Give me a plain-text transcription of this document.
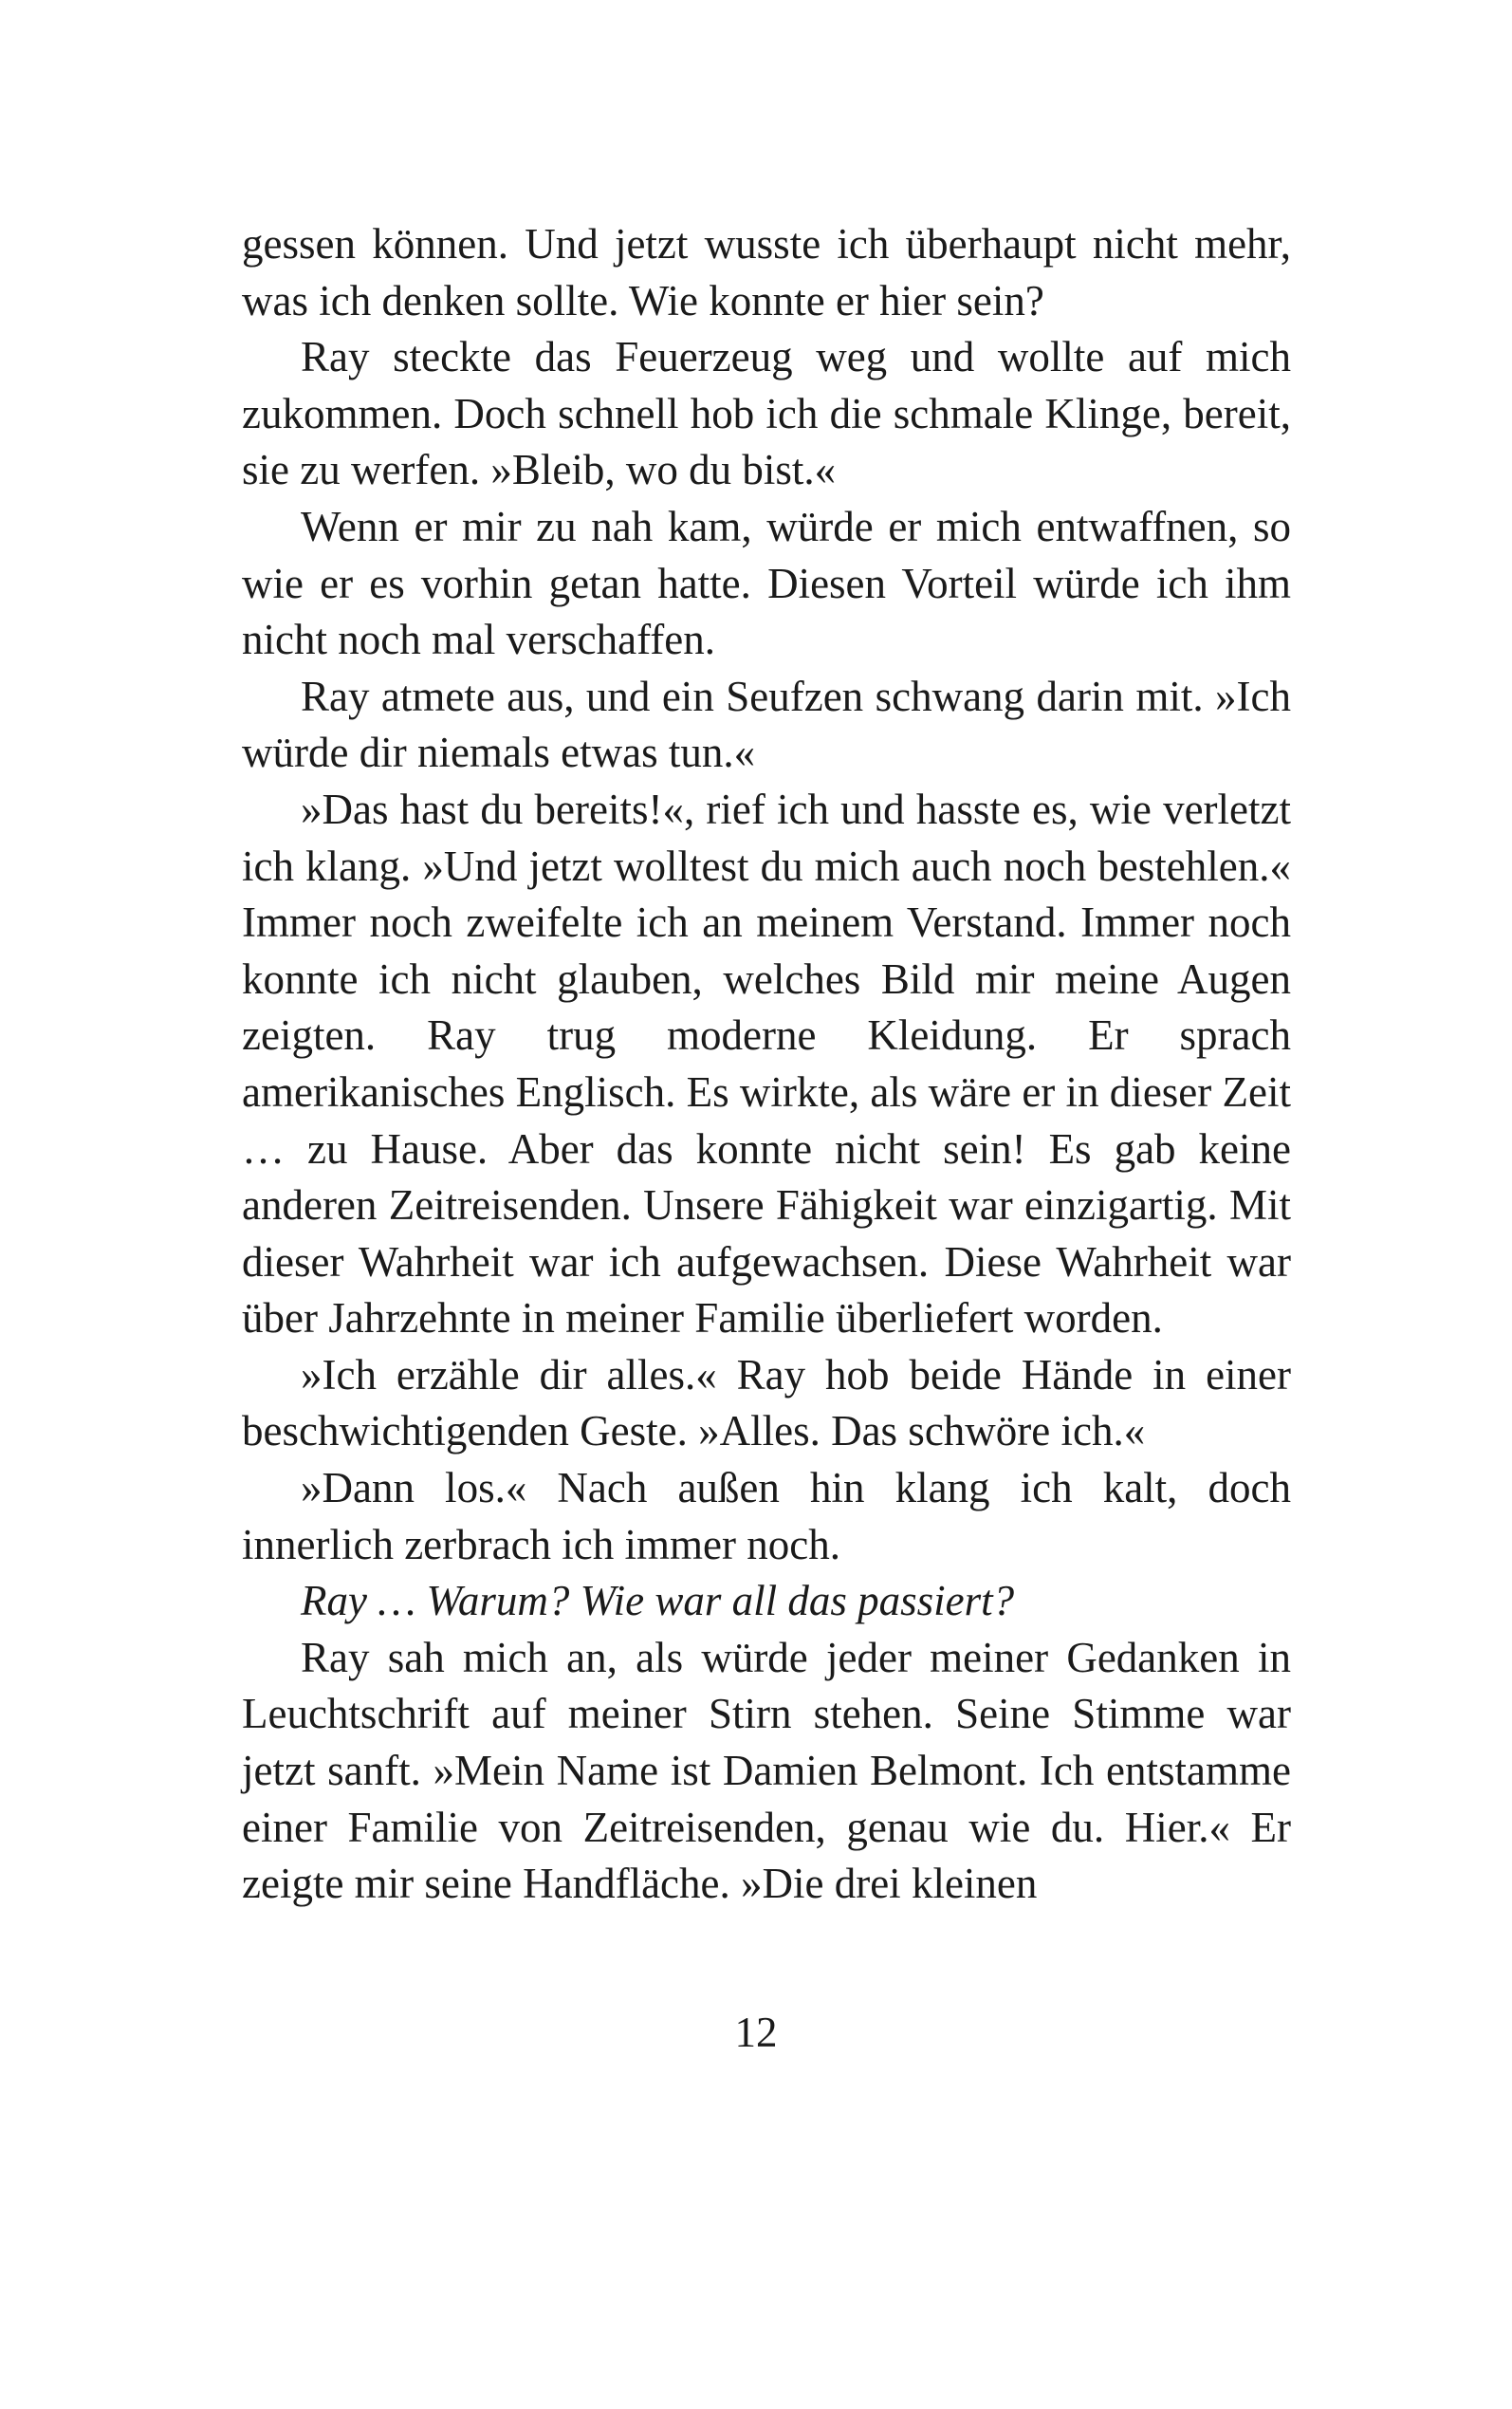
gessen können. Und jetzt wusste ich überhaupt nicht mehr, was ich denken sollte. Wie konnte er hier sein?

Ray steckte das Feuerzeug weg und wollte auf mich zukommen. Doch schnell hob ich die schmale Klinge, bereit, sie zu werfen. »Bleib, wo du bist.«

Wenn er mir zu nah kam, würde er mich entwaffnen, so wie er es vorhin getan hatte. Diesen Vorteil würde ich ihm nicht noch mal verschaffen.

Ray atmete aus, und ein Seufzen schwang darin mit. »Ich würde dir niemals etwas tun.«

»Das hast du bereits!«, rief ich und hasste es, wie verletzt ich klang. »Und jetzt wolltest du mich auch noch bestehlen.« Immer noch zweifelte ich an meinem Verstand. Immer noch konnte ich nicht glauben, welches Bild mir meine Augen zeigten. Ray trug moderne Kleidung. Er sprach amerikanisches Englisch. Es wirkte, als wäre er in dieser Zeit … zu Hause. Aber das konnte nicht sein! Es gab keine anderen Zeitreisenden. Unsere Fähigkeit war einzigartig. Mit dieser Wahrheit war ich aufgewachsen. Diese Wahrheit war über Jahrzehnte in meiner Familie überliefert worden.

»Ich erzähle dir alles.« Ray hob beide Hände in einer beschwichtigenden Geste. »Alles. Das schwöre ich.«

»Dann los.« Nach außen hin klang ich kalt, doch innerlich zerbrach ich immer noch.

Ray … Warum? Wie war all das passiert?

Ray sah mich an, als würde jeder meiner Gedanken in Leuchtschrift auf meiner Stirn stehen. Seine Stimme war jetzt sanft. »Mein Name ist Damien Belmont. Ich entstamme einer Familie von Zeitreisenden, genau wie du. Hier.« Er zeigte mir seine Handfläche. »Die drei kleinen

12
